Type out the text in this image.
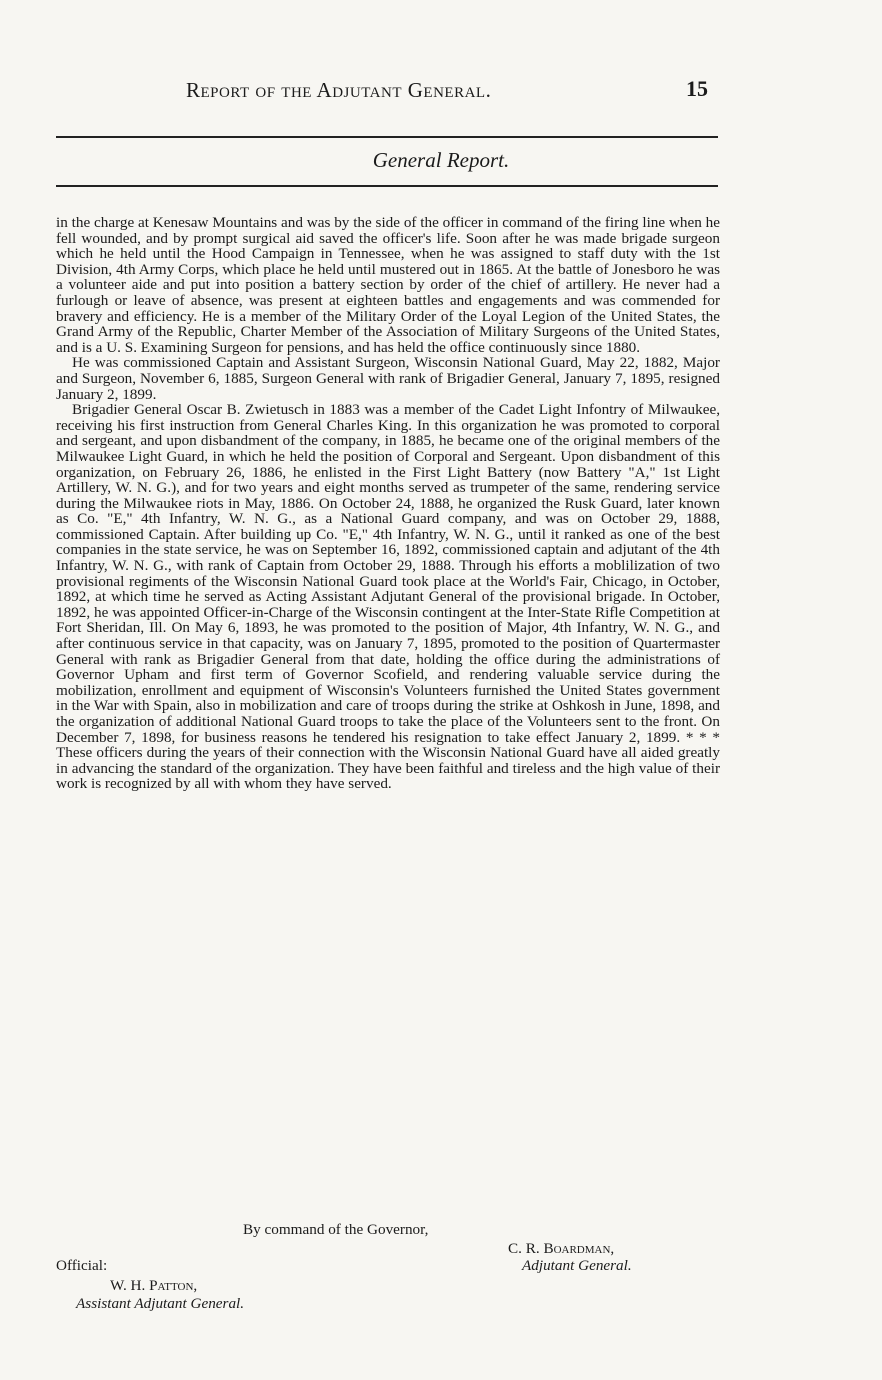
Report of the Adjutant General.	15
General Report.

in the charge at Kenesaw Mountains and was by the side of the officer in command of the firing line when he fell wounded, and by prompt surgical aid saved the officer's life. Soon after he was made brigade surgeon which he held until the Hood Campaign in Tennessee, when he was assigned to staff duty with the 1st Division, 4th Army Corps, which place he held until mustered out in 1865. At the battle of Jonesboro he was a volunteer aide and put into position a battery section by order of the chief of artillery. He never had a furlough or leave of absence, was present at eighteen battles and engagements and was commended for bravery and efficiency. He is a member of the Military Order of the Loyal Legion of the United States, the Grand Army of the Republic, Charter Member of the Association of Military Surgeons of the United States, and is a U. S. Examining Surgeon for pensions, and has held the office continuously since 1880.

He was commissioned Captain and Assistant Surgeon, Wisconsin National Guard, May 22, 1882, Major and Surgeon, November 6, 1885, Surgeon General with rank of Brigadier General, January 7, 1895, resigned January 2, 1899.

Brigadier General Oscar B. Zwietusch in 1883 was a member of the Cadet Light Infontry of Milwaukee, receiving his first instruction from General Charles King. In this organization he was promoted to corporal and sergeant, and upon disbandment of the company, in 1885, he became one of the original members of the Milwaukee Light Guard, in which he held the position of Corporal and Sergeant. Upon disbandment of this organization, on February 26, 1886, he enlisted in the First Light Battery (now Battery "A," 1st Light Artillery, W. N. G.), and for two years and eight months served as trumpeter of the same, rendering service during the Milwaukee riots in May, 1886. On October 24, 1888, he organized the Rusk Guard, later known as Co. "E," 4th Infantry, W. N. G., as a National Guard company, and was on October 29, 1888, commissioned Captain. After building up Co. "E," 4th Infantry, W. N. G., until it ranked as one of the best companies in the state service, he was on September 16, 1892, commissioned captain and adjutant of the 4th Infantry, W. N. G., with rank of Captain from October 29, 1888. Through his efforts a moblilization of two provisional regiments of the Wisconsin National Guard took place at the World's Fair, Chicago, in October, 1892, at which time he served as Acting Assistant Adjutant General of the provisional brigade. In October, 1892, he was appointed Officer-in-Charge of the Wisconsin contingent at the Inter-State Rifle Competition at Fort Sheridan, Ill. On May 6, 1893, he was promoted to the position of Major, 4th Infantry, W. N. G., and after continuous service in that capacity, was on January 7, 1895, promoted to the position of Quartermaster General with rank as Brigadier General from that date, holding the office during the administrations of Governor Upham and first term of Governor Scofield, and rendering valuable service during the mobilization, enrollment and equipment of Wisconsin's Volunteers furnished the United States government in the War with Spain, also in mobilization and care of troops during the strike at Oshkosh in June, 1898, and the organization of additional National Guard troops to take the place of the Volunteers sent to the front. On December 7, 1898, for business reasons he tendered his resignation to take effect January 2, 1899. * * * These officers during the years of their connection with the Wisconsin National Guard have all aided greatly in advancing the standard of the organization. They have been faithful and tireless and the high value of their work is recognized by all with whom they have served.

By command of the Governor,
C. R. Boardman,
Official:	Adjutant General.
W. H. Patton,
Assistant Adjutant General.
